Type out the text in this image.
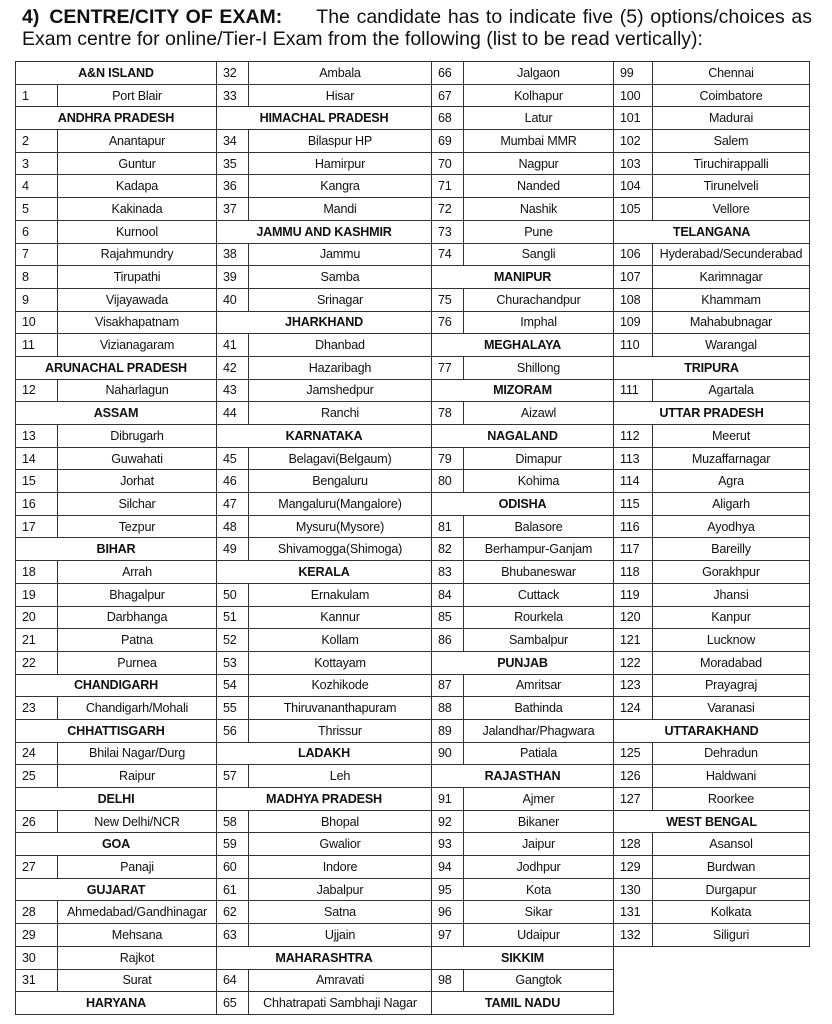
4) CENTRE/CITY OF EXAM: The candidate has to indicate five (5) options/choices as Exam centre for online/Tier-I Exam from the following (list to be read vertically):
A&N ISLAND		32	Ambala	66	Jalgaon	99	Chennai
1	Port Blair	33	Hisar	67	Kolhapur	100	Coimbatore
ANDHRA PRADESH		HIMACHAL PRADESH		68	Latur	101	Madurai
2	Anantapur	34	Bilaspur HP	69	Mumbai MMR	102	Salem
3	Guntur	35	Hamirpur	70	Nagpur	103	Tiruchirappalli
4	Kadapa	36	Kangra	71	Nanded	104	Tirunelveli
5	Kakinada	37	Mandi	72	Nashik	105	Vellore
6	Kurnool	JAMMU AND KASHMIR		73	Pune	TELANGANA	
7	Rajahmundry	38	Jammu	74	Sangli	106	Hyderabad/Secunderabad
8	Tirupathi	39	Samba	MANIPUR		107	Karimnagar
9	Vijayawada	40	Srinagar	75	Churachandpur	108	Khammam
10	Visakhapatnam	JHARKHAND		76	Imphal	109	Mahabubnagar
11	Vizianagaram	41	Dhanbad	MEGHALAYA		110	Warangal
ARUNACHAL PRADESH		42	Hazaribagh	77	Shillong	TRIPURA	
12	Naharlagun	43	Jamshedpur	MIZORAM		111	Agartala
ASSAM		44	Ranchi	78	Aizawl	UTTAR PRADESH	
13	Dibrugarh	KARNATAKA		NAGALAND		112	Meerut
14	Guwahati	45	Belagavi(Belgaum)	79	Dimapur	113	Muzaffarnagar
15	Jorhat	46	Bengaluru	80	Kohima	114	Agra
16	Silchar	47	Mangaluru(Mangalore)	ODISHA		115	Aligarh
17	Tezpur	48	Mysuru(Mysore)	81	Balasore	116	Ayodhya
BIHAR		49	Shivamogga(Shimoga)	82	Berhampur-Ganjam	117	Bareilly
18	Arrah	KERALA		83	Bhubaneswar	118	Gorakhpur
19	Bhagalpur	50	Ernakulam	84	Cuttack	119	Jhansi
20	Darbhanga	51	Kannur	85	Rourkela	120	Kanpur
21	Patna	52	Kollam	86	Sambalpur	121	Lucknow
22	Purnea	53	Kottayam	PUNJAB		122	Moradabad
CHANDIGARH		54	Kozhikode	87	Amritsar	123	Prayagraj
23	Chandigarh/Mohali	55	Thiruvananthapuram	88	Bathinda	124	Varanasi
CHHATTISGARH		56	Thrissur	89	Jalandhar/Phagwara	UTTARAKHAND	
24	Bhilai Nagar/Durg	LADAKH		90	Patiala	125	Dehradun
25	Raipur	57	Leh	RAJASTHAN		126	Haldwani
DELHI		MADHYA PRADESH		91	Ajmer	127	Roorkee
26	New Delhi/NCR	58	Bhopal	92	Bikaner	WEST BENGAL	
GOA		59	Gwalior	93	Jaipur	128	Asansol
27	Panaji	60	Indore	94	Jodhpur	129	Burdwan
GUJARAT		61	Jabalpur	95	Kota	130	Durgapur
28	Ahmedabad/Gandhinagar	62	Satna	96	Sikar	131	Kolkata
29	Mehsana	63	Ujjain	97	Udaipur	132	Siliguri
30	Rajkot	MAHARASHTRA		SIKKIM			
31	Surat	64	Amravati	98	Gangtok		
HARYANA		65	Chhatrapati Sambhaji Nagar	TAMIL NADU			
